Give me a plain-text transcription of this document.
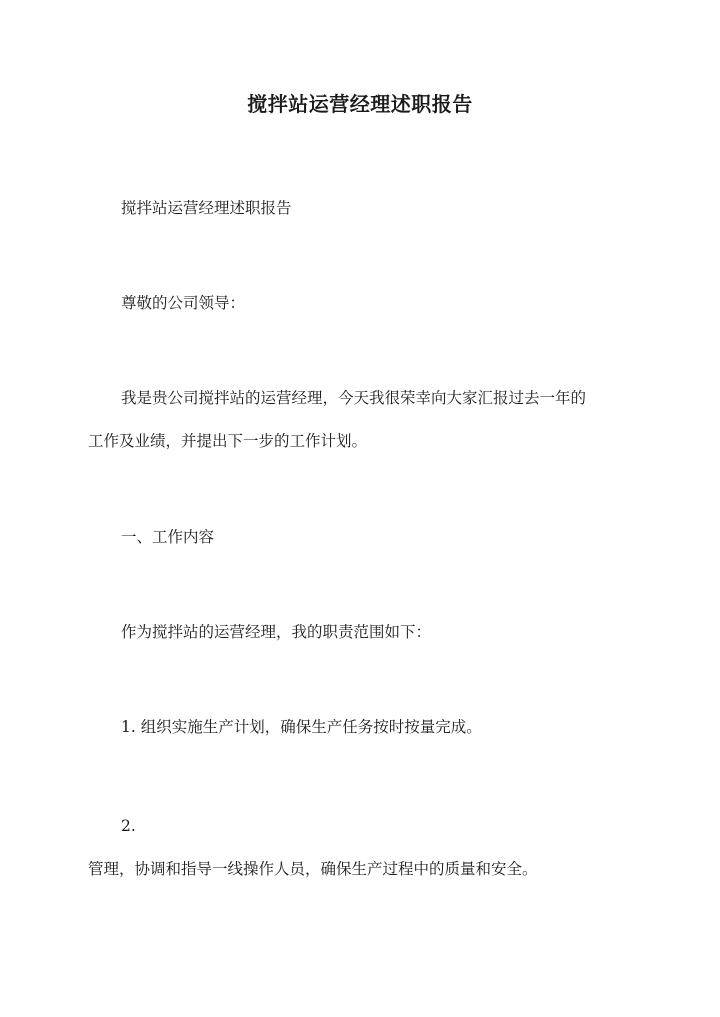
搅拌站运营经理述职报告
搅拌站运营经理述职报告
尊敬的公司领导：
我是贵公司搅拌站的运营经理，今天我很荣幸向大家汇报过去一年的
工作及业绩，并提出下一步的工作计划。
一、工作内容
作为搅拌站的运营经理，我的职责范围如下：
1. 组织实施生产计划，确保生产任务按时按量完成。
2.
管理，协调和指导一线操作人员，确保生产过程中的质量和安全。
